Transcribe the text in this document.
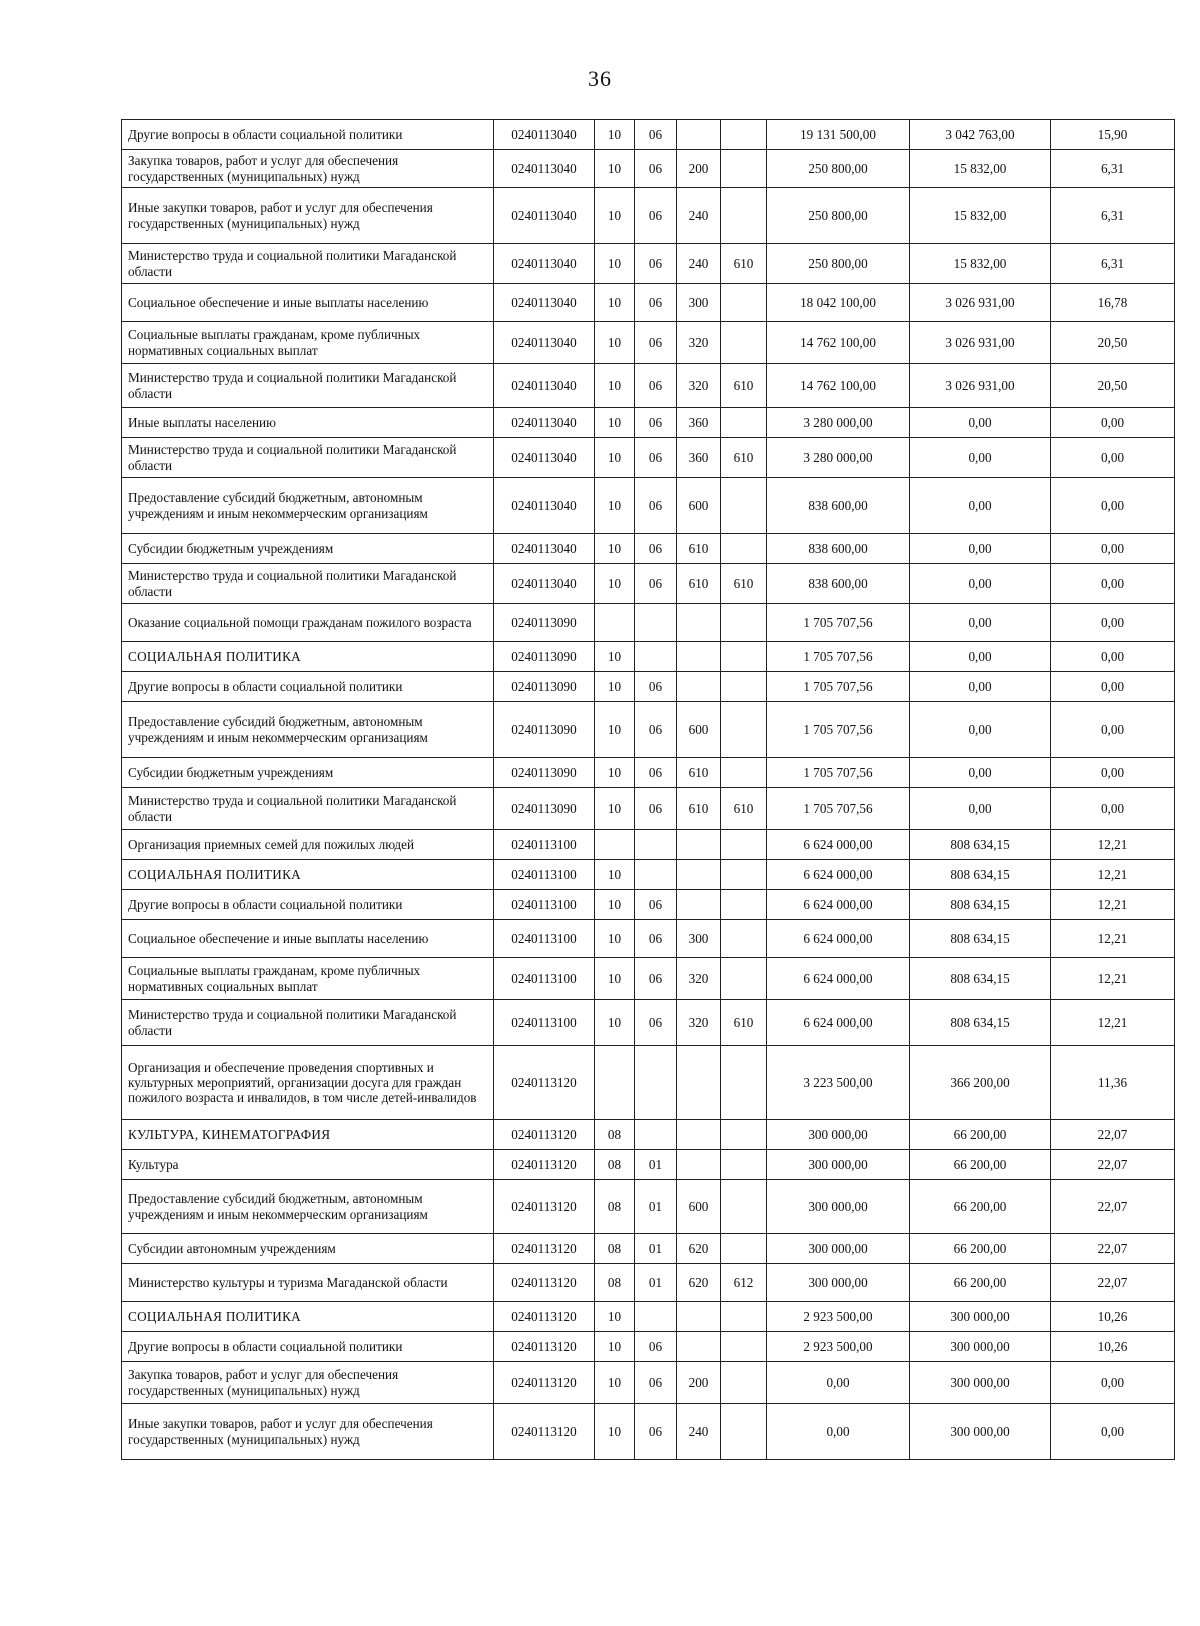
36
Другие вопросы в области социальной политики	0240113040	10	06			19 131 500,00	3 042 763,00	15,90
Закупка товаров, работ и услуг для обеспечения государственных (муниципальных) нужд	0240113040	10	06	200		250 800,00	15 832,00	6,31
Иные закупки товаров, работ и услуг для обеспечения государственных (муниципальных) нужд	0240113040	10	06	240		250 800,00	15 832,00	6,31
Министерство труда и социальной политики Магаданской области	0240113040	10	06	240	610	250 800,00	15 832,00	6,31
Социальное обеспечение и иные выплаты населению	0240113040	10	06	300		18 042 100,00	3 026 931,00	16,78
Социальные выплаты гражданам, кроме публичных нормативных социальных выплат	0240113040	10	06	320		14 762 100,00	3 026 931,00	20,50
Министерство труда и социальной политики Магаданской области	0240113040	10	06	320	610	14 762 100,00	3 026 931,00	20,50
Иные выплаты населению	0240113040	10	06	360		3 280 000,00	0,00	0,00
Министерство труда и социальной политики Магаданской области	0240113040	10	06	360	610	3 280 000,00	0,00	0,00
Предоставление субсидий бюджетным, автономным учреждениям и иным некоммерческим организациям	0240113040	10	06	600		838 600,00	0,00	0,00
Субсидии бюджетным учреждениям	0240113040	10	06	610		838 600,00	0,00	0,00
Министерство труда и социальной политики Магаданской области	0240113040	10	06	610	610	838 600,00	0,00	0,00
Оказание социальной помощи гражданам пожилого возраста	0240113090					1 705 707,56	0,00	0,00
СОЦИАЛЬНАЯ ПОЛИТИКА	0240113090	10				1 705 707,56	0,00	0,00
Другие вопросы в области социальной политики	0240113090	10	06			1 705 707,56	0,00	0,00
Предоставление субсидий бюджетным, автономным учреждениям и иным некоммерческим организациям	0240113090	10	06	600		1 705 707,56	0,00	0,00
Субсидии бюджетным учреждениям	0240113090	10	06	610		1 705 707,56	0,00	0,00
Министерство труда и социальной политики Магаданской области	0240113090	10	06	610	610	1 705 707,56	0,00	0,00
Организация приемных семей для пожилых людей	0240113100					6 624 000,00	808 634,15	12,21
СОЦИАЛЬНАЯ ПОЛИТИКА	0240113100	10				6 624 000,00	808 634,15	12,21
Другие вопросы в области социальной политики	0240113100	10	06			6 624 000,00	808 634,15	12,21
Социальное обеспечение и иные выплаты населению	0240113100	10	06	300		6 624 000,00	808 634,15	12,21
Социальные выплаты гражданам, кроме публичных нормативных социальных выплат	0240113100	10	06	320		6 624 000,00	808 634,15	12,21
Министерство труда и социальной политики Магаданской области	0240113100	10	06	320	610	6 624 000,00	808 634,15	12,21
Организация и обеспечение проведения спортивных и культурных мероприятий, организации досуга для граждан пожилого возраста и инвалидов, в том числе детей-инвалидов	0240113120					3 223 500,00	366 200,00	11,36
КУЛЬТУРА, КИНЕМАТОГРАФИЯ	0240113120	08				300 000,00	66 200,00	22,07
Культура	0240113120	08	01			300 000,00	66 200,00	22,07
Предоставление субсидий бюджетным, автономным учреждениям и иным некоммерческим организациям	0240113120	08	01	600		300 000,00	66 200,00	22,07
Субсидии автономным учреждениям	0240113120	08	01	620		300 000,00	66 200,00	22,07
Министерство культуры и туризма Магаданской области	0240113120	08	01	620	612	300 000,00	66 200,00	22,07
СОЦИАЛЬНАЯ ПОЛИТИКА	0240113120	10				2 923 500,00	300 000,00	10,26
Другие вопросы в области социальной политики	0240113120	10	06			2 923 500,00	300 000,00	10,26
Закупка товаров, работ и услуг для обеспечения государственных (муниципальных) нужд	0240113120	10	06	200		0,00	300 000,00	0,00
Иные закупки товаров, работ и услуг для обеспечения государственных (муниципальных) нужд	0240113120	10	06	240		0,00	300 000,00	0,00
